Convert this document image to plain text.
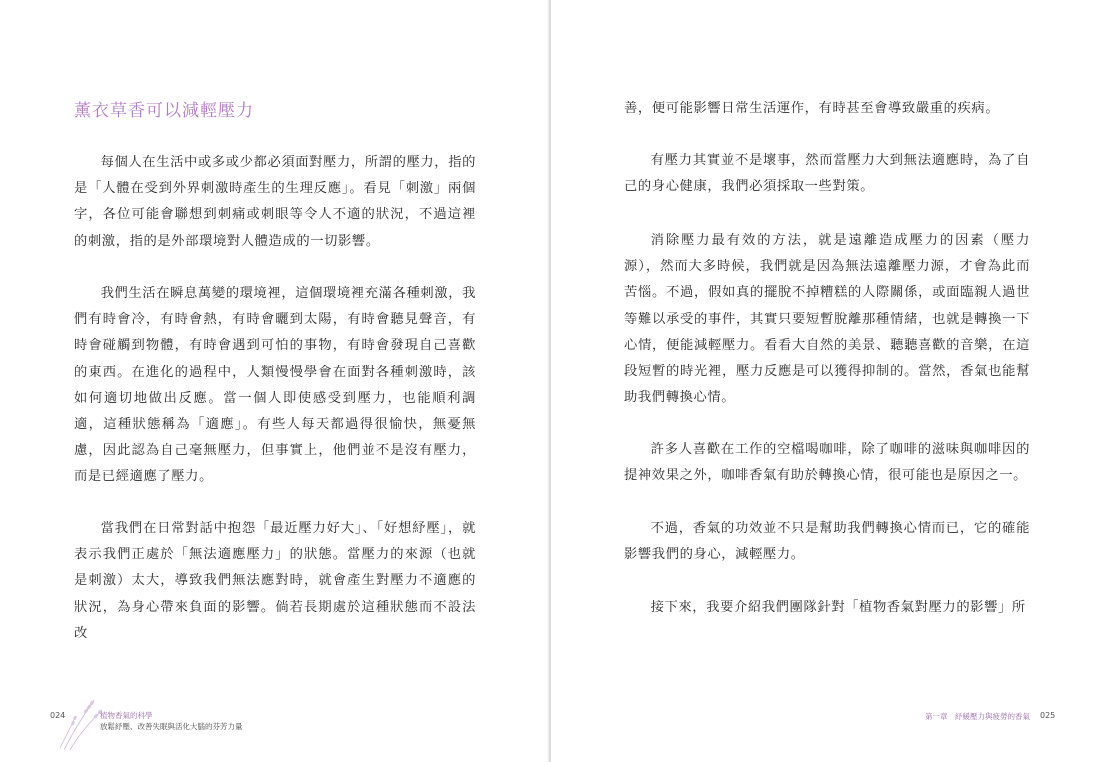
薰衣草香可以減輕壓力

每個人在生活中或多或少都必須面對壓力，所謂的壓力，指的是「人體在受到外界刺激時產生的生理反應」。看見「刺激」兩個字，各位可能會聯想到刺痛或刺眼等令人不適的狀況，不過這裡的刺激，指的是外部環境對人體造成的一切影響。

我們生活在瞬息萬變的環境裡，這個環境裡充滿各種刺激，我們有時會冷，有時會熱，有時會曬到太陽，有時會聽見聲音，有時會碰觸到物體，有時會遇到可怕的事物，有時會發現自己喜歡的東西。在進化的過程中，人類慢慢學會在面對各種刺激時，該如何適切地做出反應。當一個人即使感受到壓力，也能順利調適，這種狀態稱為「適應」。有些人每天都過得很愉快，無憂無慮，因此認為自己毫無壓力，但事實上，他們並不是沒有壓力，而是已經適應了壓力。

當我們在日常對話中抱怨「最近壓力好大」、「好想紓壓」，就表示我們正處於「無法適應壓力」的狀態。當壓力的來源（也就是刺激）太大，導致我們無法應對時，就會產生對壓力不適應的狀況，為身心帶來負面的影響。倘若長期處於這種狀態而不設法改

024	植物香氣的科學
放鬆紓壓、改善失眠與活化大腦的芬芳力量

善，便可能影響日常生活運作，有時甚至會導致嚴重的疾病。

有壓力其實並不是壞事，然而當壓力大到無法適應時，為了自己的身心健康，我們必須採取一些對策。

消除壓力最有效的方法，就是遠離造成壓力的因素（壓力源），然而大多時候，我們就是因為無法遠離壓力源，才會為此而苦惱。不過，假如真的擺脫不掉糟糕的人際關係，或面臨親人過世等難以承受的事件，其實只要短暫脫離那種情緒，也就是轉換一下心情，便能減輕壓力。看看大自然的美景、聽聽喜歡的音樂，在這段短暫的時光裡，壓力反應是可以獲得抑制的。當然，香氣也能幫助我們轉換心情。

許多人喜歡在工作的空檔喝咖啡，除了咖啡的滋味與咖啡因的提神效果之外，咖啡香氣有助於轉換心情，很可能也是原因之一。

不過，香氣的功效並不只是幫助我們轉換心情而已，它的確能影響我們的身心，減輕壓力。

接下來，我要介紹我們團隊針對「植物香氣對壓力的影響」所

第一章　紓緩壓力與疲勞的香氣 025
